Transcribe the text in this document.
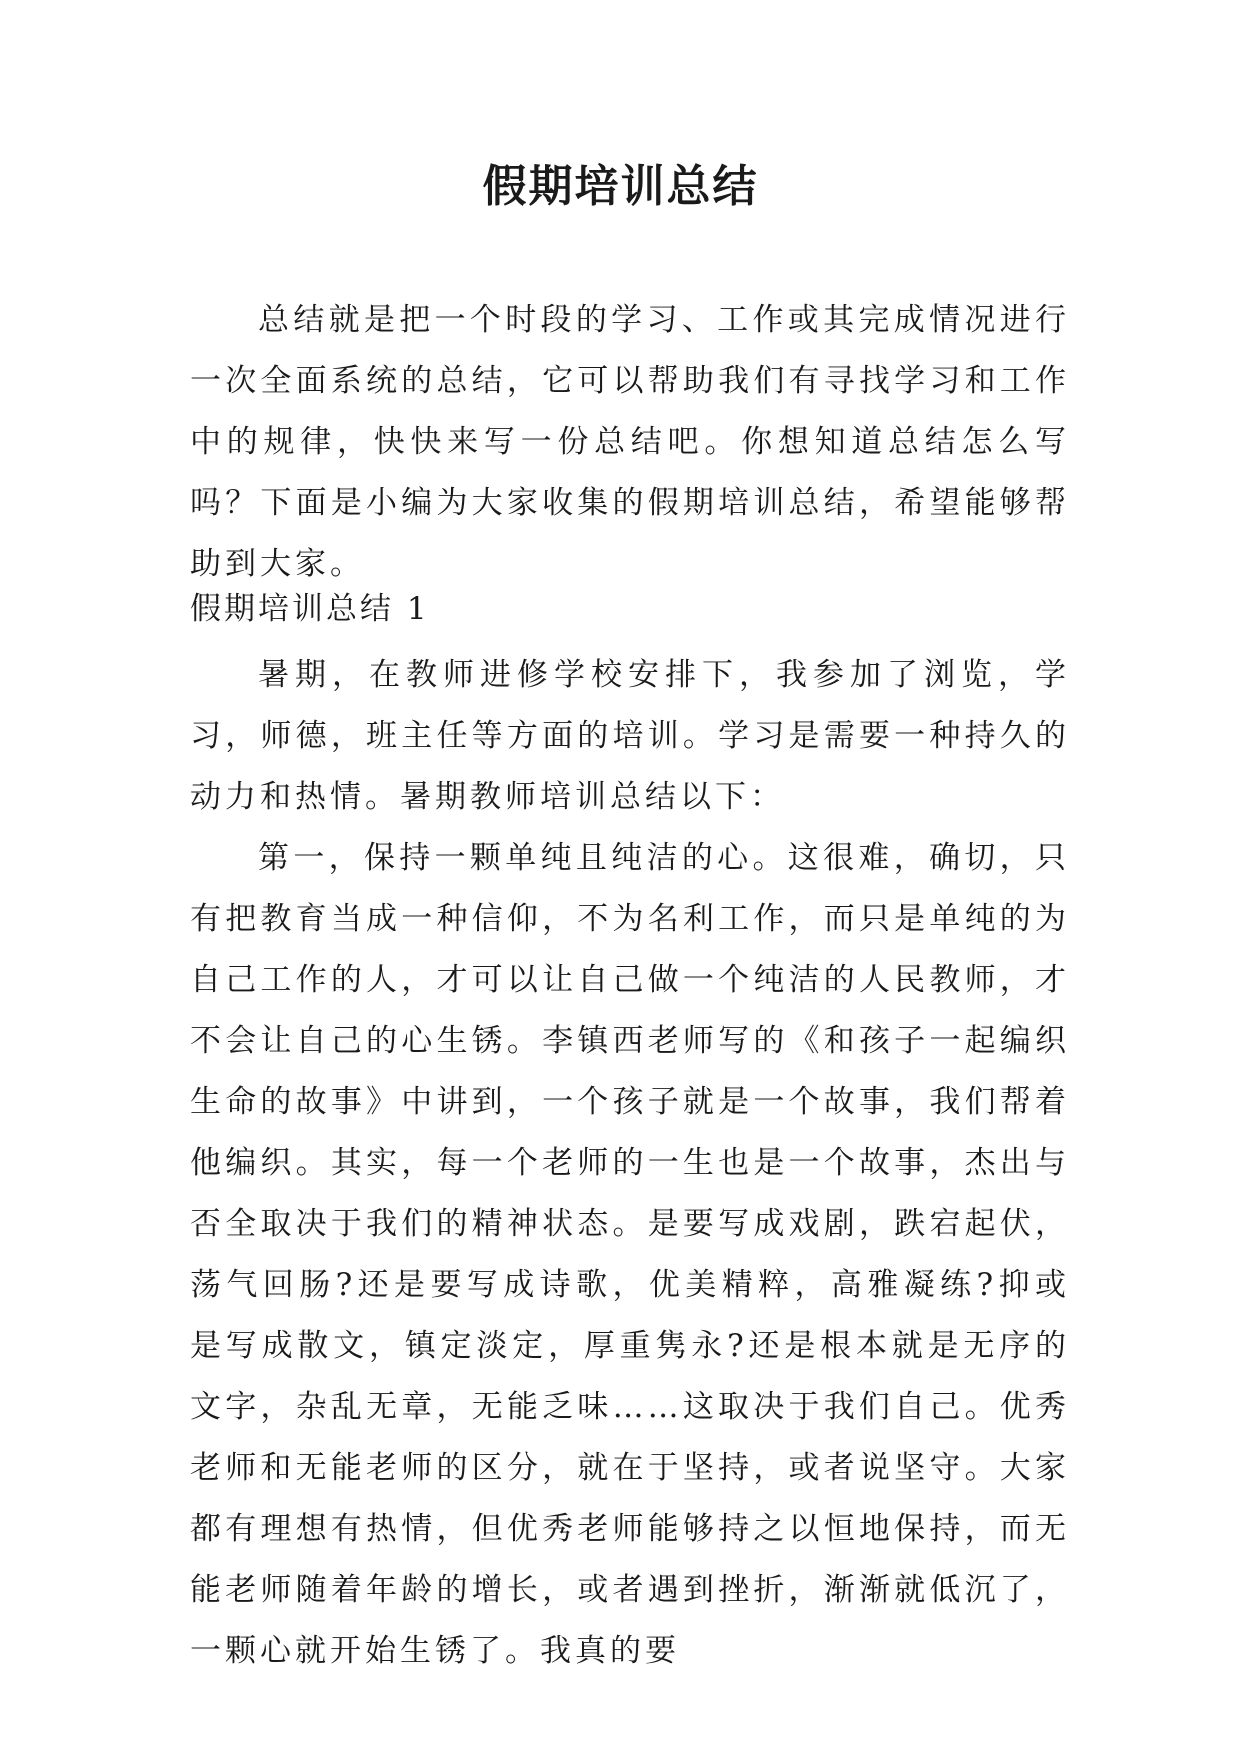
假期培训总结
总结就是把一个时段的学习、工作或其完成情况进行一次全面系统的总结，它可以帮助我们有寻找学习和工作中的规律，快快来写一份总结吧。你想知道总结怎么写吗？下面是小编为大家收集的假期培训总结，希望能够帮助到大家。
假期培训总结 1

暑期，在教师进修学校安排下，我参加了浏览，学习，师德，班主任等方面的培训。学习是需要一种持久的动力和热情。暑期教师培训总结以下：

第一，保持一颗单纯且纯洁的心。这很难，确切，只有把教育当成一种信仰，不为名利工作，而只是单纯的为自己工作的人，才可以让自己做一个纯洁的人民教师，才不会让自己的心生锈。李镇西老师写的《和孩子一起编织生命的故事》中讲到，一个孩子就是一个故事，我们帮着他编织。其实，每一个老师的一生也是一个故事，杰出与否全取决于我们的精神状态。是要写成戏剧，跌宕起伏，荡气回肠?还是要写成诗歌，优美精粹，高雅凝练?抑或是写成散文，镇定淡定，厚重隽永?还是根本就是无序的文字，杂乱无章，无能乏味……这取决于我们自己。优秀老师和无能老师的区分，就在于坚持，或者说坚守。大家都有理想有热情，但优秀老师能够持之以恒地保持，而无能老师随着年龄的增长，或者遇到挫折，渐渐就低沉了，一颗心就开始生锈了。我真的要
